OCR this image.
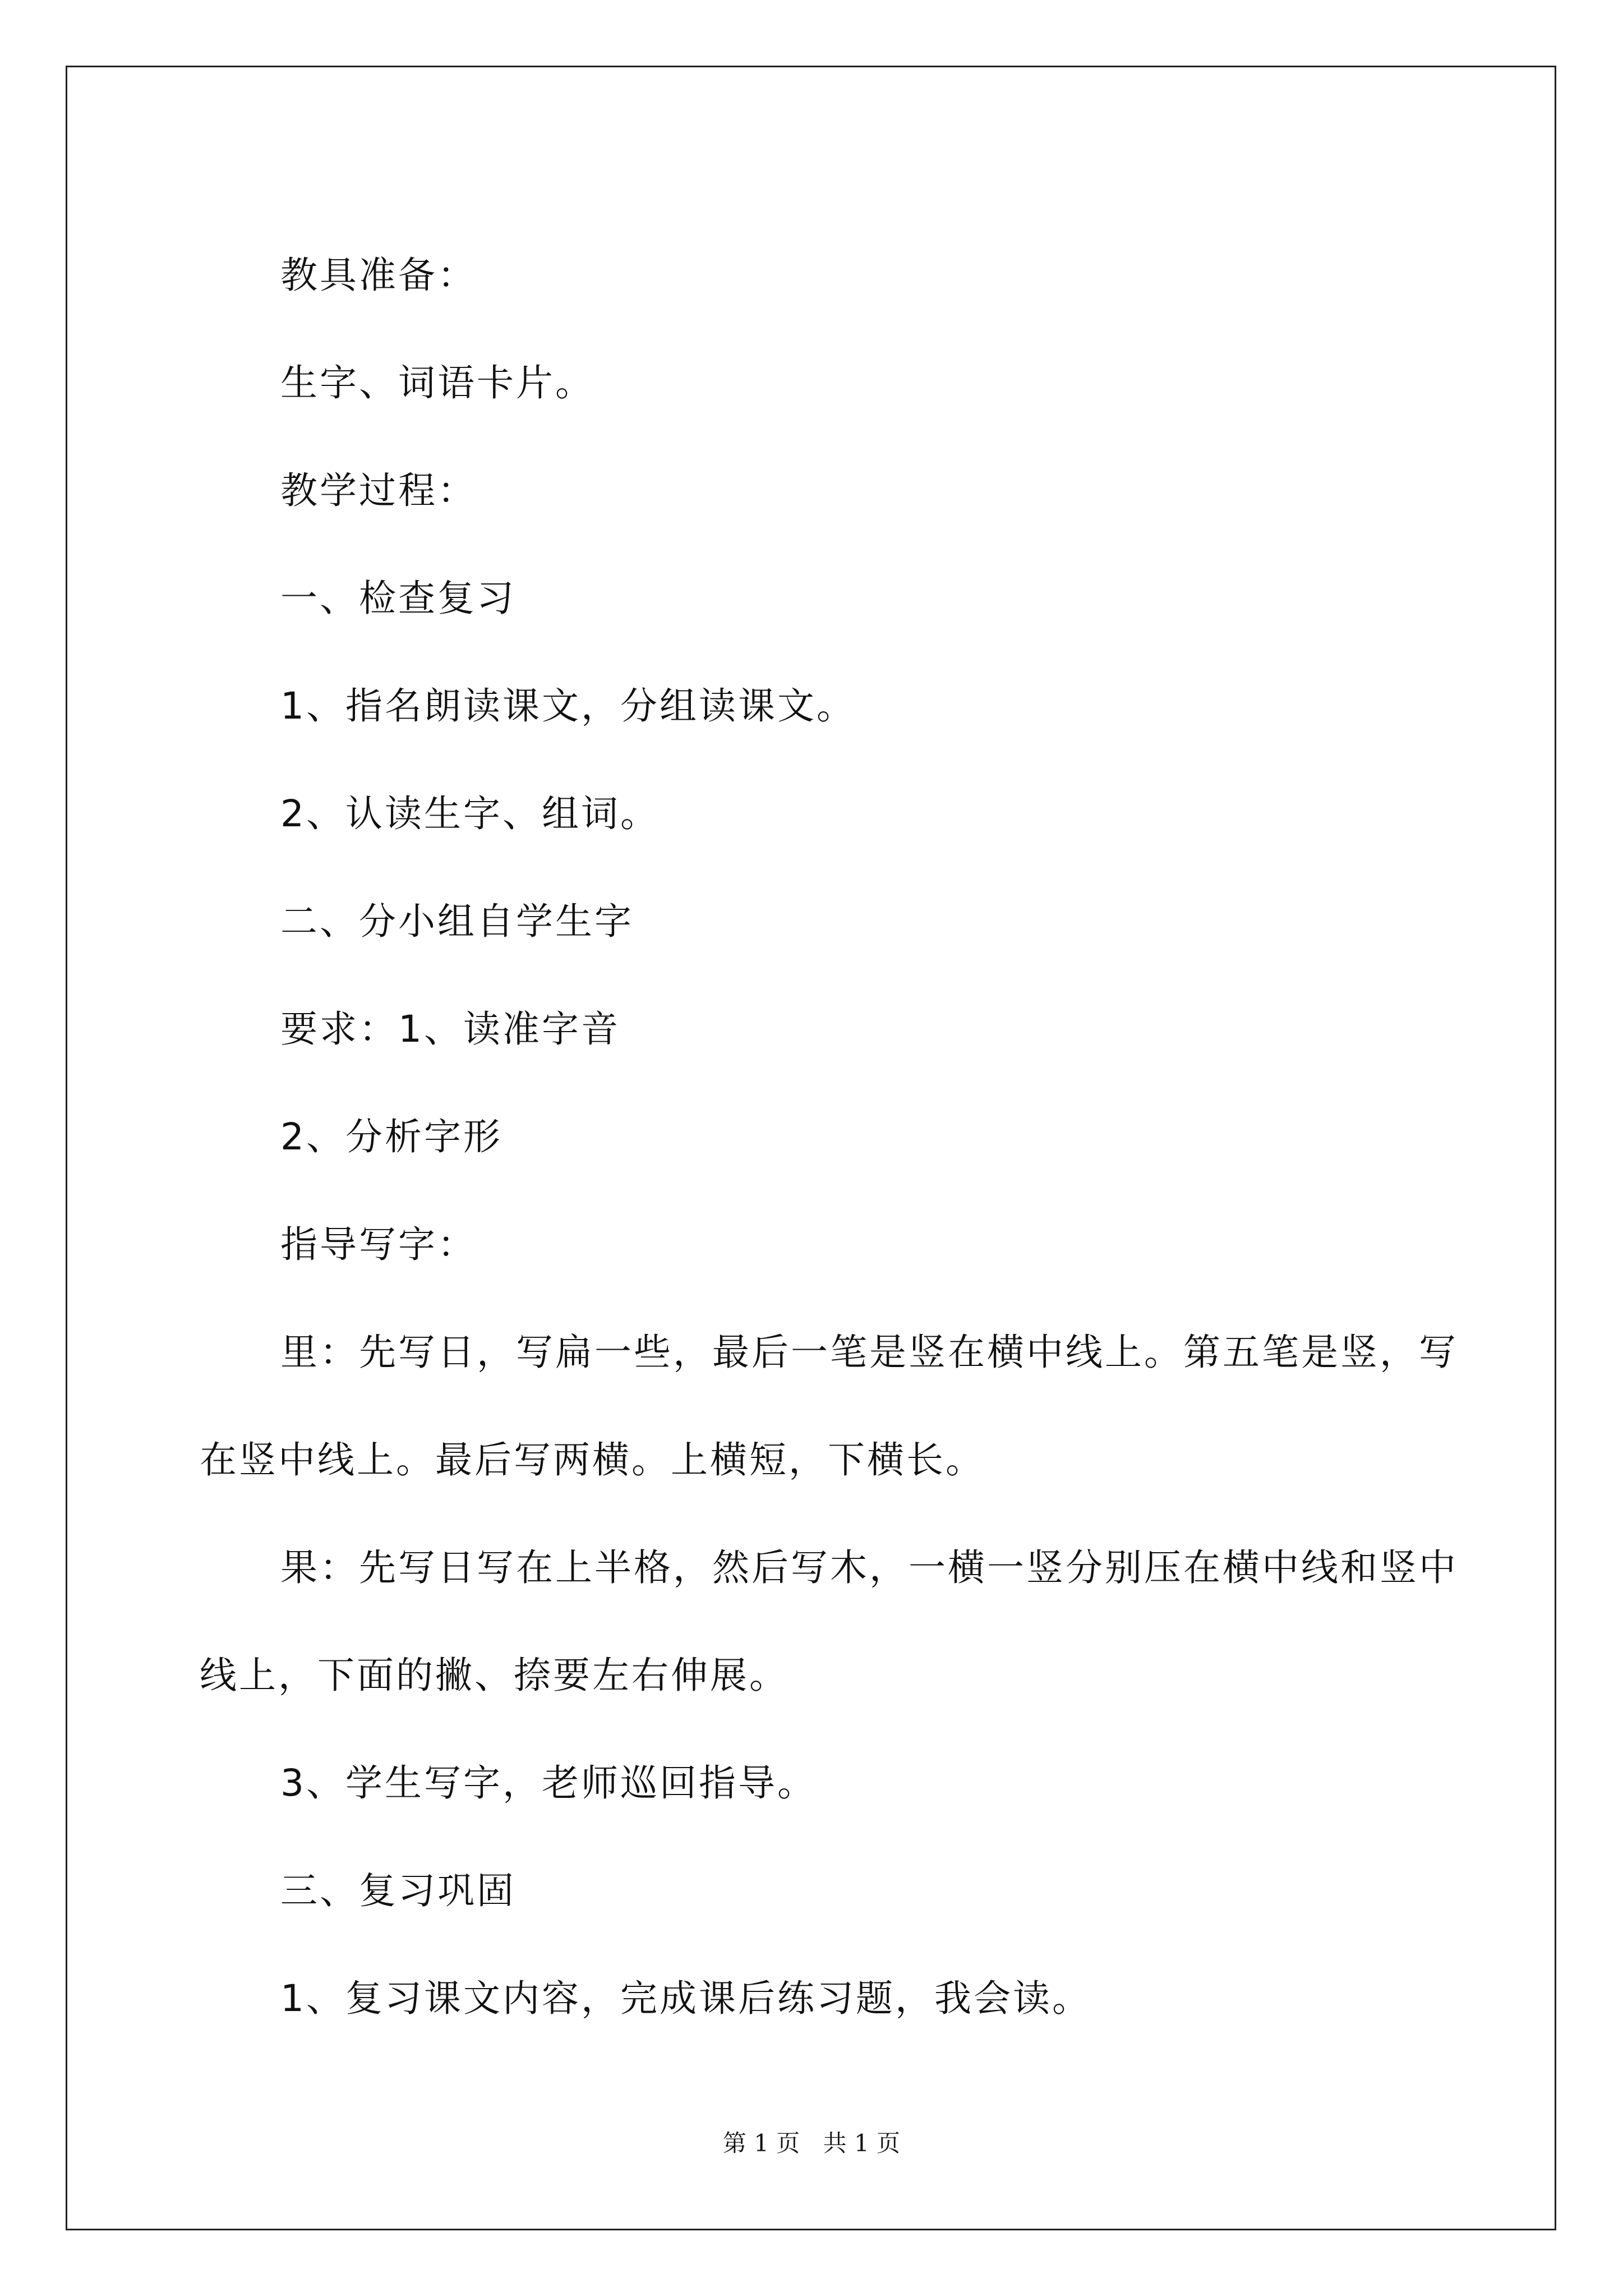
教具准备：

生字、词语卡片。

教学过程：

一、检查复习

1、指名朗读课文，分组读课文。

2、认读生字、组词。

二、分小组自学生字

要求：1、读准字音

2、分析字形

指导写字：

里：先写日，写扁一些，最后一笔是竖在横中线上。第五笔是竖，写在竖中线上。最后写两横。上横短，下横长。

果：先写日写在上半格，然后写木，一横一竖分别压在横中线和竖中线上，下面的撇、捺要左右伸展。

3、学生写字，老师巡回指导。

三、复习巩固

1、复习课文内容，完成课后练习题，我会读。

第 1 页 共 1 页
